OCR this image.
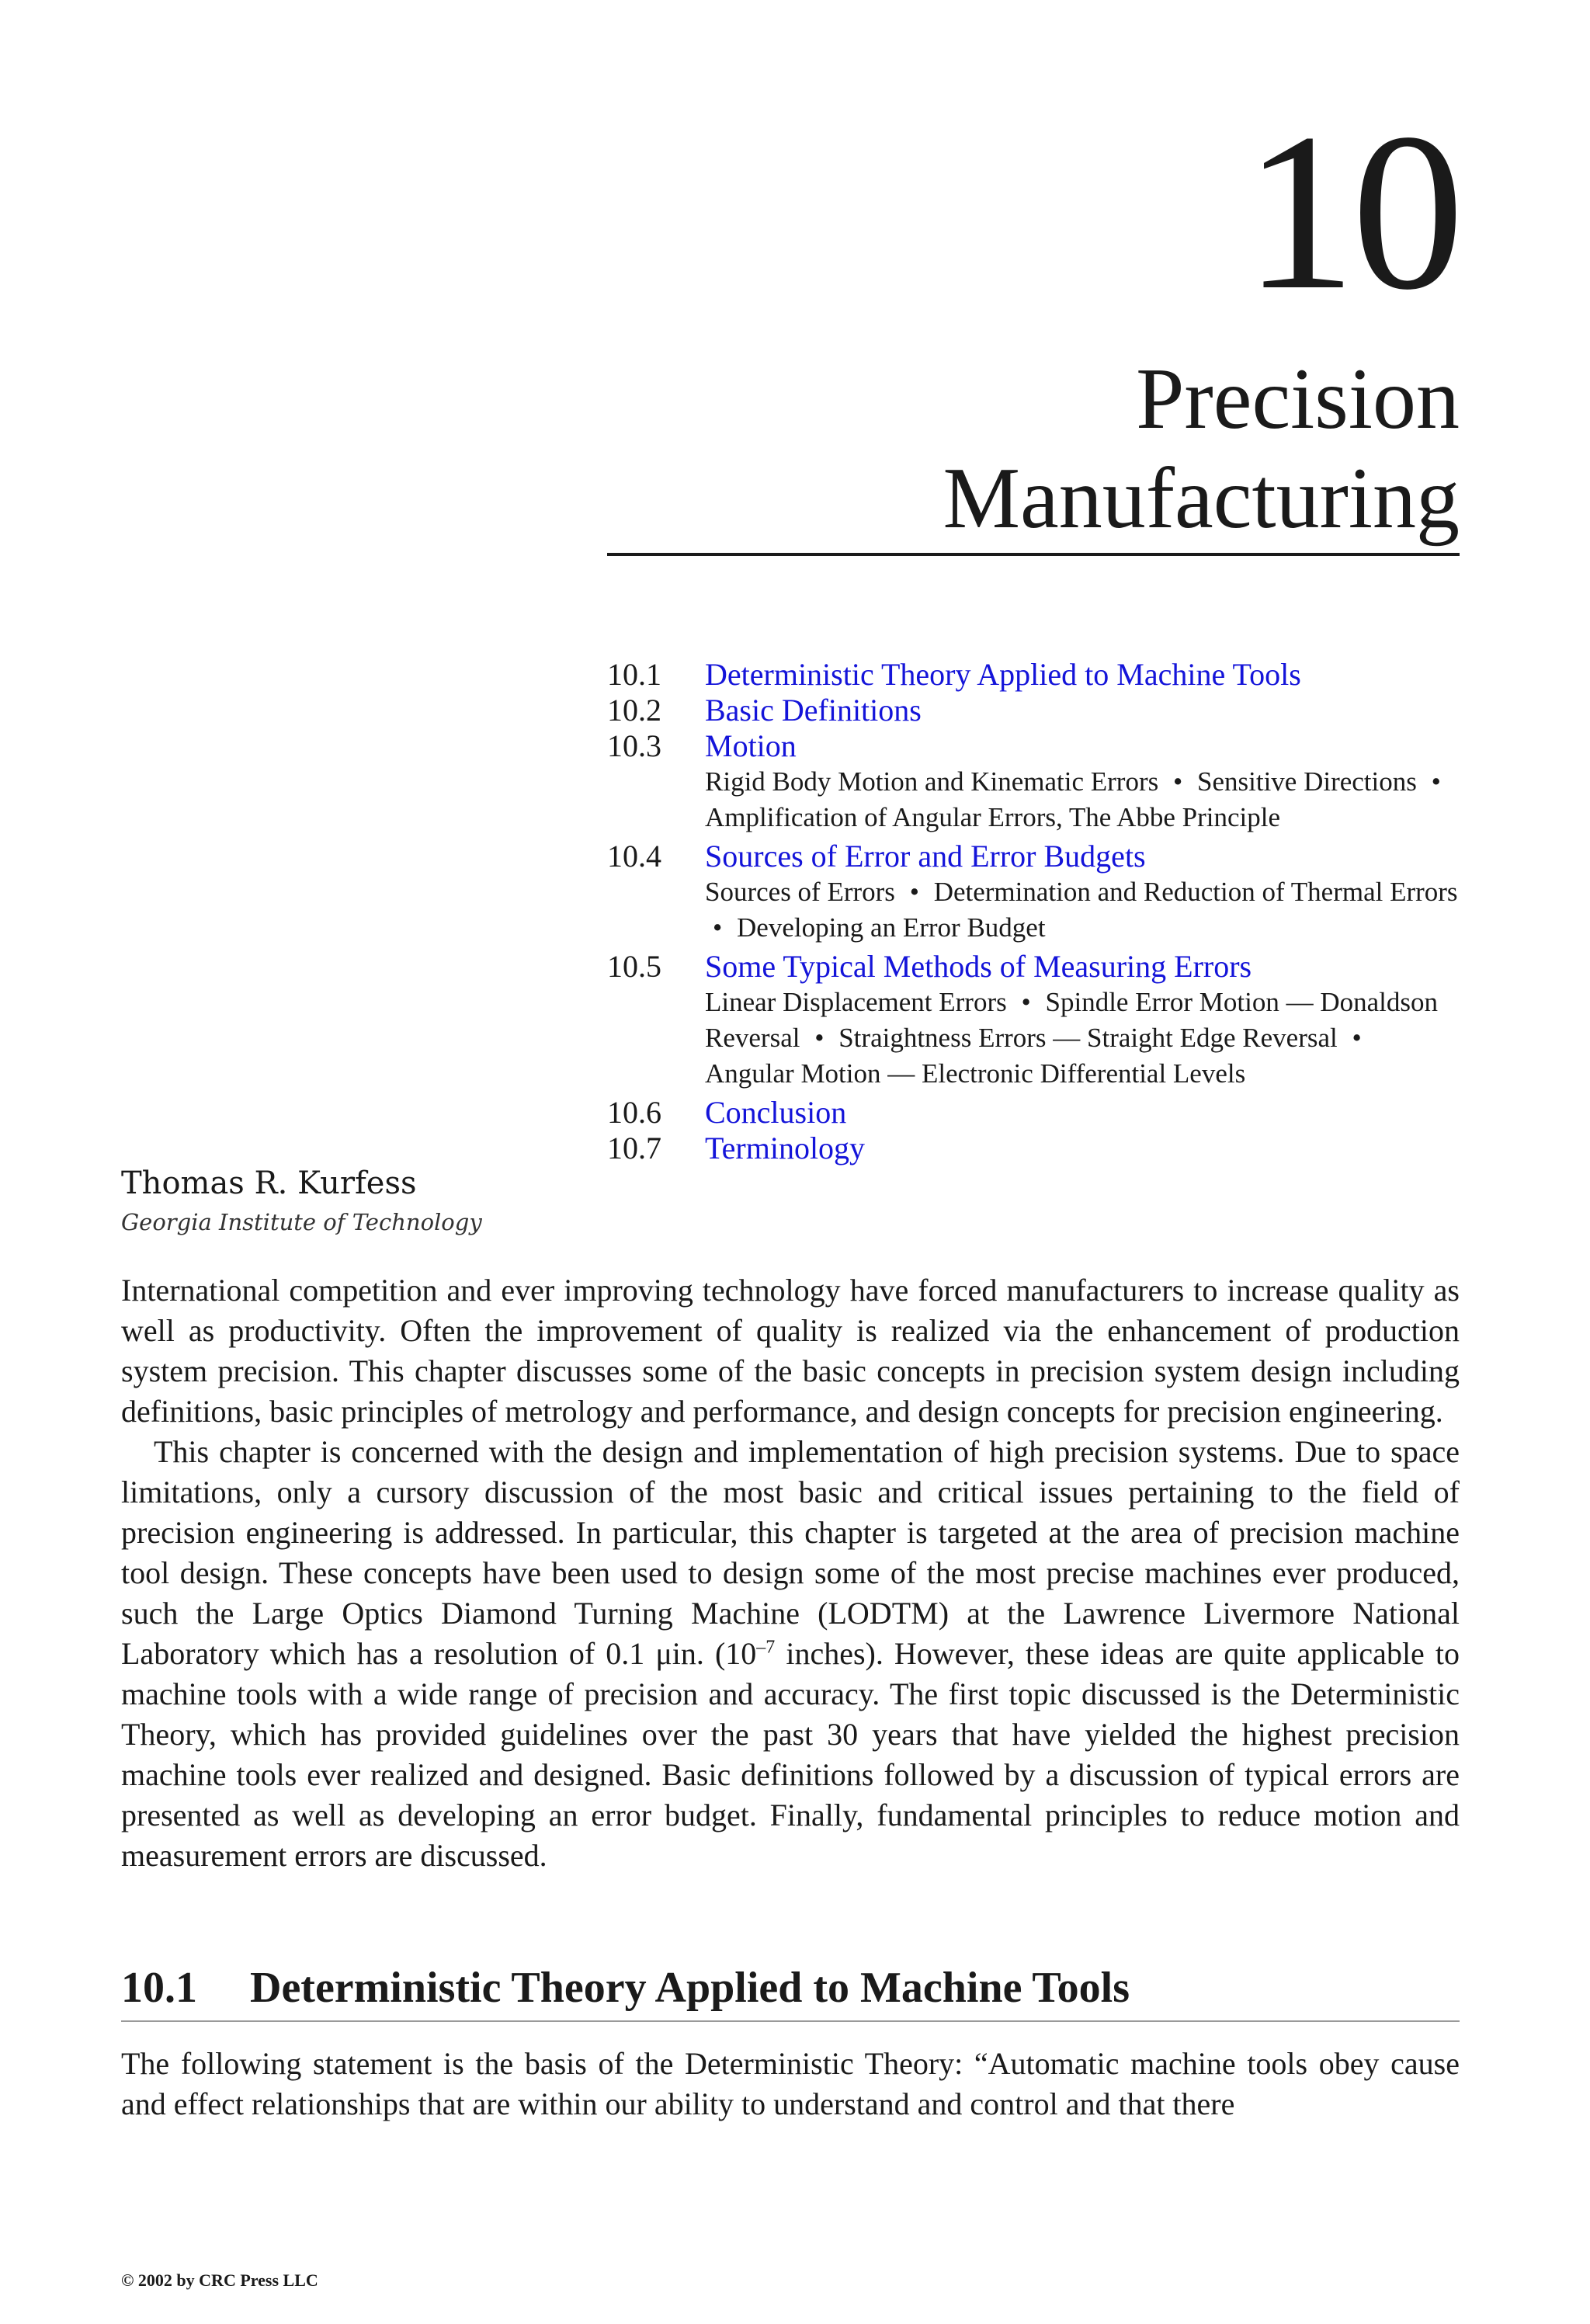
10
Precision
Manufacturing
10.1 Deterministic Theory Applied to Machine Tools
10.2 Basic Definitions
10.3 Motion
Rigid Body Motion and Kinematic Errors • Sensitive Directions • Amplification of Angular Errors, The Abbe Principle
10.4 Sources of Error and Error Budgets
Sources of Errors • Determination and Reduction of Thermal Errors • Developing an Error Budget
10.5 Some Typical Methods of Measuring Errors
Linear Displacement Errors • Spindle Error Motion — Donaldson Reversal • Straightness Errors — Straight Edge Reversal • Angular Motion — Electronic Differential Levels
10.6 Conclusion
10.7 Terminology
Thomas R. Kurfess
Georgia Institute of Technology

International competition and ever improving technology have forced manufacturers to increase quality as well as productivity. Often the improvement of quality is realized via the enhancement of production system precision. This chapter discusses some of the basic concepts in precision system design including definitions, basic principles of metrology and performance, and design concepts for precision engineering.

This chapter is concerned with the design and implementation of high precision systems. Due to space limitations, only a cursory discussion of the most basic and critical issues pertaining to the field of precision engineering is addressed. In particular, this chapter is targeted at the area of precision machine tool design. These concepts have been used to design some of the most precise machines ever produced, such the Large Optics Diamond Turning Machine (LODTM) at the Lawrence Livermore National Laboratory which has a resolution of 0.1 μin. ($10^{-7}$ inches). However, these ideas are quite applicable to machine tools with a wide range of precision and accuracy. The first topic discussed is the Deterministic Theory, which has provided guidelines over the past 30 years that have yielded the highest precision machine tools ever realized and designed. Basic definitions followed by a discussion of typical errors are presented as well as developing an error budget. Finally, fundamental principles to reduce motion and measurement errors are discussed.

10.1 Deterministic Theory Applied to Machine Tools

The following statement is the basis of the Deterministic Theory: “Automatic machine tools obey cause and effect relationships that are within our ability to understand and control and that there

© 2002 by CRC Press LLC
